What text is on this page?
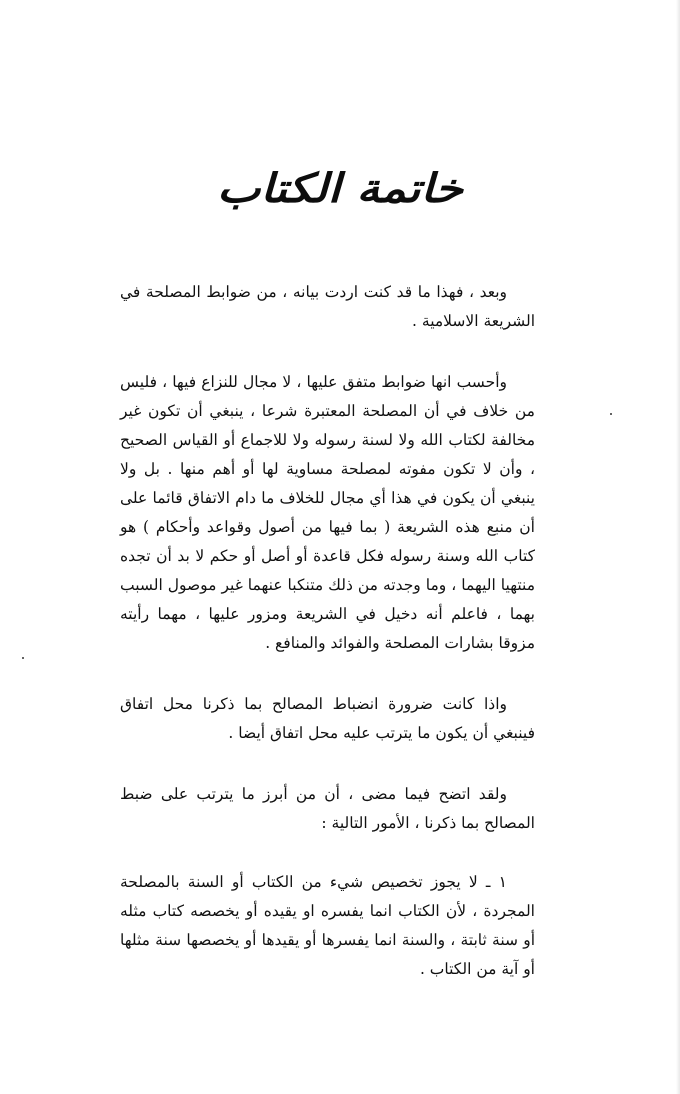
خاتمة الكتاب

وبعد ، فهذا ما قد كنت اردت بيانه ، من ضوابط المصلحة في الشريعة الاسلامية .

وأحسب انها ضوابط متفق عليها ، لا مجال للنزاع فيها ، فليس من خلاف في أن المصلحة المعتبرة شرعا ، ينبغي أن تكون غير مخالفة لكتاب الله ولا لسنة رسوله ولا للاجماع أو القياس الصحيح ، وأن لا تكون مفوته لمصلحة مساوية لها أو أهم منها . بل ولا ينبغي أن يكون في هذا أي مجال للخلاف ما دام الاتفاق قائما على أن منبع هذه الشريعة ( بما فيها من أصول وقواعد وأحكام ) هو كتاب الله وسنة رسوله فكل قاعدة أو أصل أو حكم لا بد أن تجده منتهيا اليهما ، وما وجدته من ذلك متنكبا عنهما غير موصول السبب بهما ، فاعلم أنه دخيل في الشريعة ومزور عليها ، مهما رأيته مزوقا بشارات المصلحة والفوائد والمنافع .

واذا كانت ضرورة انضباط المصالح بما ذكرنا محل اتفاق فينبغي أن يكون ما يترتب عليه محل اتفاق أيضا .

ولقد اتضح فيما مضى ، أن من أبرز ما يترتب على ضبط المصالح بما ذكرنا ، الأمور التالية :

١ ـ لا يجوز تخصيص شيء من الكتاب أو السنة بالمصلحة المجردة ، لأن الكتاب انما يفسره او يقيده أو يخصصه كتاب مثله أو سنة ثابتة ، والسنة انما يفسرها أو يقيدها أو يخصصها سنة مثلها أو آية من الكتاب .
